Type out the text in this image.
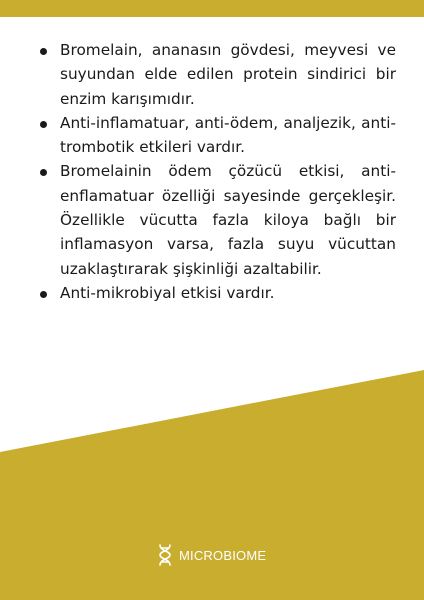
Bromelain, ananasın gövdesi, meyvesi ve suyundan elde edilen protein sindirici bir enzim karışımıdır.
Anti-inflamatuar, anti-ödem, analjezik, anti-trombotik etkileri vardır.
Bromelainin ödem çözücü etkisi, anti-enflamatuar özelliği sayesinde gerçekleşir. Özellikle vücutta fazla kiloya bağlı bir inflamasyon varsa, fazla suyu vücuttan uzaklaştırarak şişkinliği azaltabilir.
Anti-mikrobiyal etkisi vardır.
MICROBIOME
